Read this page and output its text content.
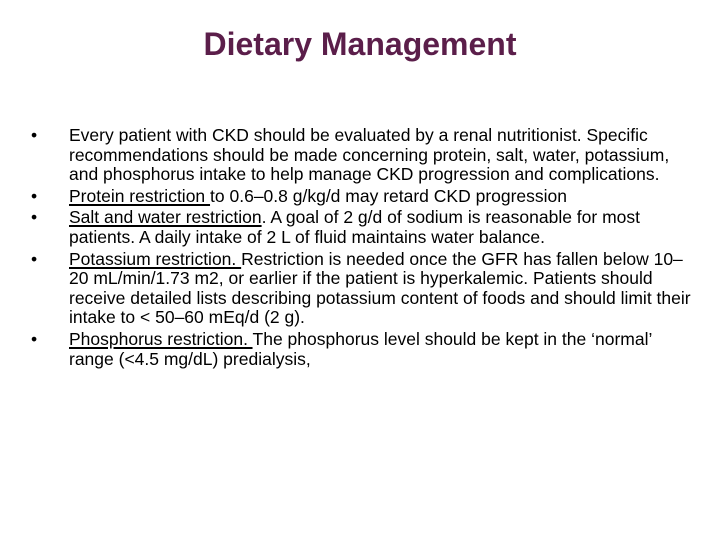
Dietary Management
•	Every patient with CKD should be evaluated by a renal nutritionist. Specific recommendations should be made concerning protein, salt, water, potassium, and phosphorus intake to help manage CKD progression and complications.
•	Protein restriction to 0.6–0.8 g/kg/d may retard CKD progression
•	Salt and water restriction. A goal of 2 g/d of sodium is reasonable for most patients. A daily intake of 2 L of fluid maintains water balance.
•	Potassium restriction. Restriction is needed once the GFR has fallen below 10–20 mL/min/1.73 m2, or earlier if the patient is hyperkalemic. Patients should receive detailed lists describing potassium content of foods and should limit their intake to < 50–60 mEq/d (2 g).
•	Phosphorus restriction. The phosphorus level should be kept in the ‘normal’ range (<4.5 mg/dL) predialysis,
